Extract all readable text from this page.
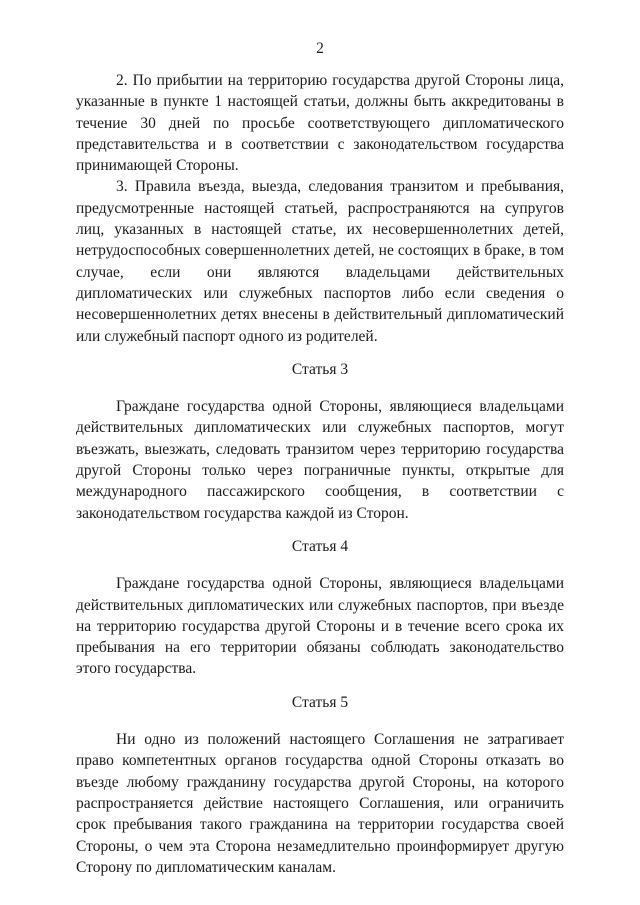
2

2. По прибытии на территорию государства другой Стороны лица, указанные в пункте 1 настоящей статьи, должны быть аккредитованы в течение 30 дней по просьбе соответствующего дипломатического представительства и в соответствии с законодательством государства принимающей Стороны.

3. Правила въезда, выезда, следования транзитом и пребывания, предусмотренные настоящей статьей, распространяются на супругов лиц, указанных в настоящей статье, их несовершеннолетних детей, нетрудоспособных совершеннолетних детей, не состоящих в браке, в том случае, если они являются владельцами действительных дипломатических или служебных паспортов либо если сведения о несовершеннолетних детях внесены в действительный дипломатический или служебный паспорт одного из родителей.

Статья 3

Граждане государства одной Стороны, являющиеся владельцами действительных дипломатических или служебных паспортов, могут въезжать, выезжать, следовать транзитом через территорию государства другой Стороны только через пограничные пункты, открытые для международного пассажирского сообщения, в соответствии с законодательством государства каждой из Сторон.

Статья 4

Граждане государства одной Стороны, являющиеся владельцами действительных дипломатических или служебных паспортов, при въезде на территорию государства другой Стороны и в течение всего срока их пребывания на его территории обязаны соблюдать законодательство этого государства.

Статья 5

Ни одно из положений настоящего Соглашения не затрагивает право компетентных органов государства одной Стороны отказать во въезде любому гражданину государства другой Стороны, на которого распространяется действие настоящего Соглашения, или ограничить срок пребывания такого гражданина на территории государства своей Стороны, о чем эта Сторона незамедлительно проинформирует другую Сторону по дипломатическим каналам.
